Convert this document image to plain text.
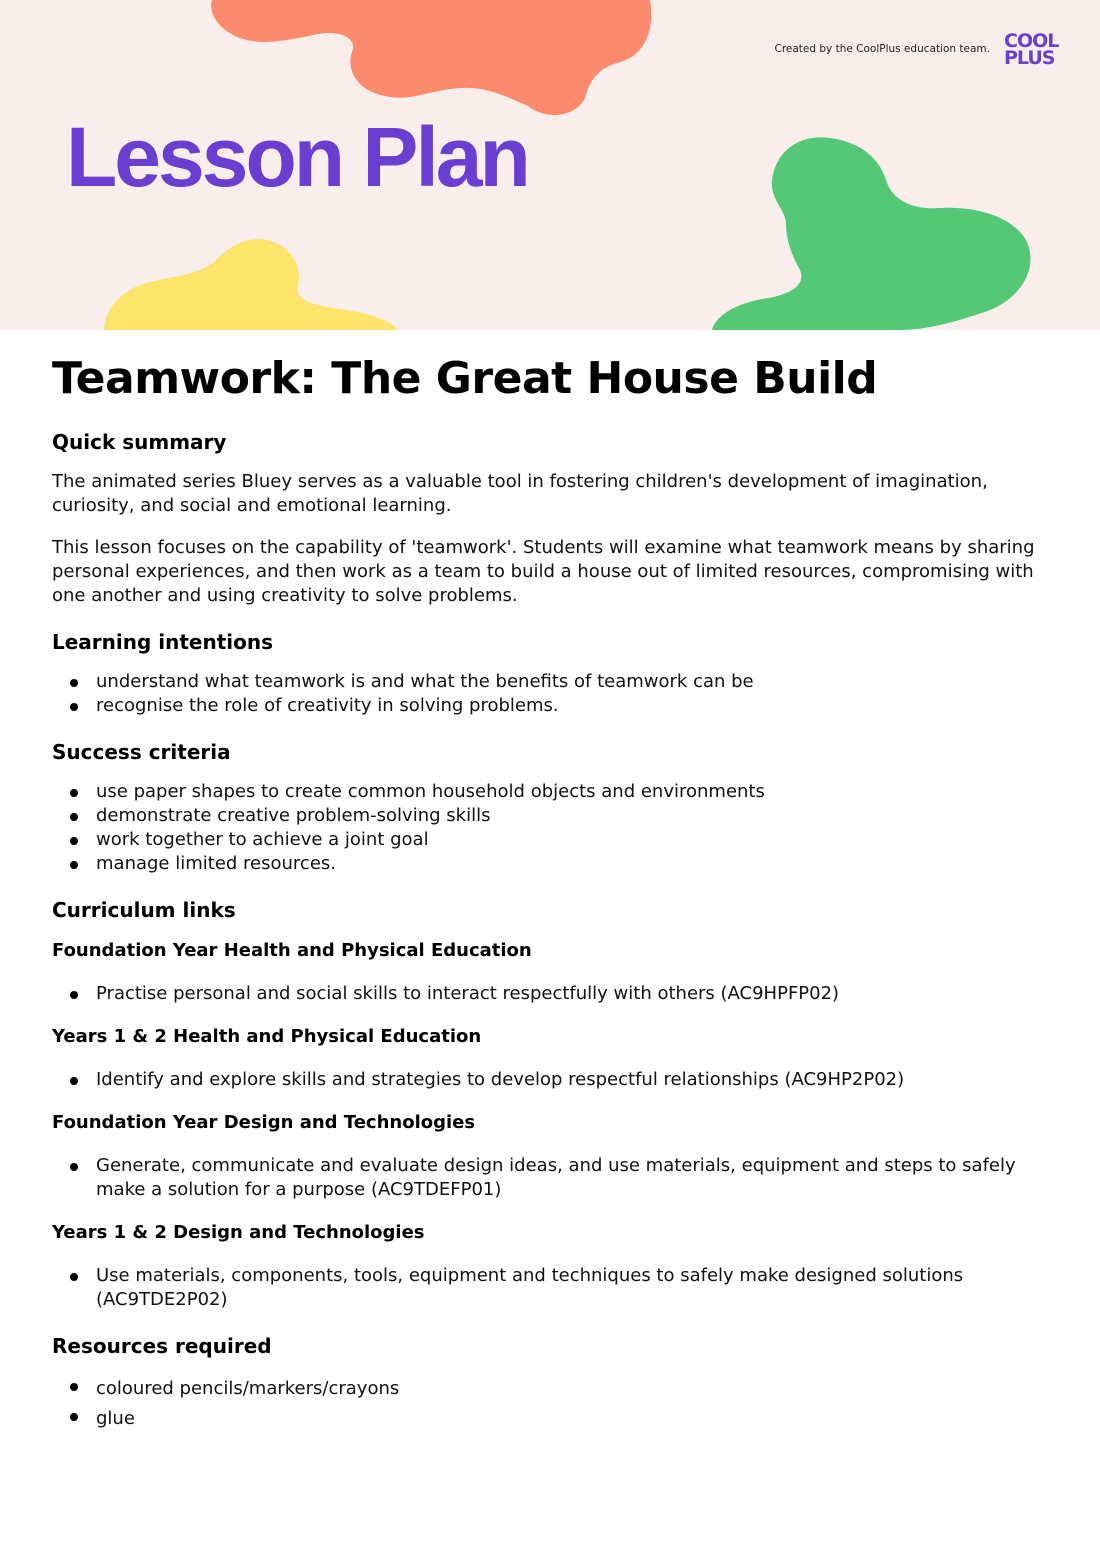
Created by the CoolPlus education team. COOL
PLUS
Lesson Plan
Teamwork: The Great House Build
Quick summary

The animated series Bluey serves as a valuable tool in fostering children's development of imagination, curiosity, and social and emotional learning.

This lesson focuses on the capability of 'teamwork'. Students will examine what teamwork means by sharing personal experiences, and then work as a team to build a house out of limited resources, compromising with one another and using creativity to solve problems.

Learning intentions
understand what teamwork is and what the benefits of teamwork can be
recognise the role of creativity in solving problems.
Success criteria
use paper shapes to create common household objects and environments
demonstrate creative problem-solving skills
work together to achieve a joint goal
manage limited resources.
Curriculum links
Foundation Year Health and Physical Education
Practise personal and social skills to interact respectfully with others (AC9HPFP02)
Years 1 & 2 Health and Physical Education
Identify and explore skills and strategies to develop respectful relationships (AC9HP2P02)
Foundation Year Design and Technologies
Generate, communicate and evaluate design ideas, and use materials, equipment and steps to safely make a solution for a purpose (AC9TDEFP01)
Years 1 & 2 Design and Technologies
Use materials, components, tools, equipment and techniques to safely make designed solutions (AC9TDE2P02)
Resources required
coloured pencils/markers/crayons
glue
